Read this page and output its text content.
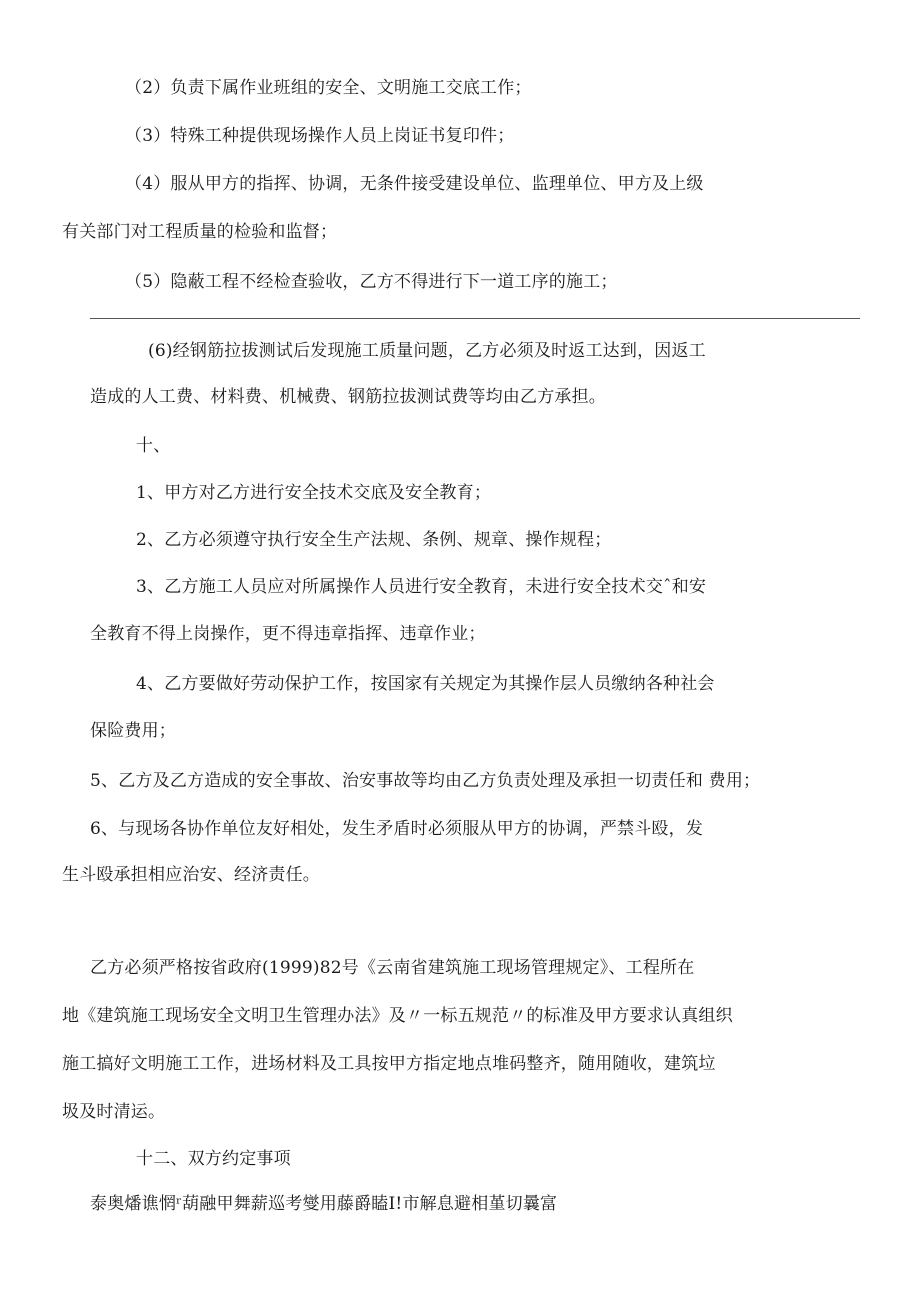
（2）负责下属作业班组的安全、文明施工交底工作；
（3）特殊工种提供现场操作人员上岗证书复印件；
（4）服从甲方的指挥、协调，无条件接受建设单位、监理单位、甲方及上级
有关部门对工程质量的检验和监督；
（5）隐蔽工程不经检查验收，乙方不得进行下一道工序的施工；
(6)经钢筋拉拔测试后发现施工质量问题，乙方必须及时返工达到，因返工
造成的人工费、材料费、机械费、钢筋拉拔测试费等均由乙方承担。
十、
1、甲方对乙方进行安全技术交底及安全教育；
2、乙方必须遵守执行安全生产法规、条例、规章、操作规程；
3、乙方施工人员应对所属操作人员进行安全教育，未进行安全技术交ˆ和安
全教育不得上岗操作，更不得违章指挥、违章作业；
4、乙方要做好劳动保护工作，按国家有关规定为其操作层人员缴纳各种社会
保险费用；
5、乙方及乙方造成的安全事故、治安事故等均由乙方负责处理及承担一切责任和 费用；
6、与现场各协作单位友好相处，发生矛盾时必须服从甲方的协调，严禁斗殴，发
生斗殴承担相应治安、经济责任。
乙方必须严格按省政府(1999)82号《云南省建筑施工现场管理规定》、工程所在
地《建筑施工现场安全文明卫生管理办法》及〃一标五规范〃的标准及甲方要求认真组织
施工搞好文明施工工作，进场材料及工具按甲方指定地点堆码整齐，随用随收，建筑垃
圾及时清运。
十二、双方约定事项
泰奥燔谯惘ʳ葫融甲舞薪巡考燮用藤爵瞌I!市解息避相堇切曩富
